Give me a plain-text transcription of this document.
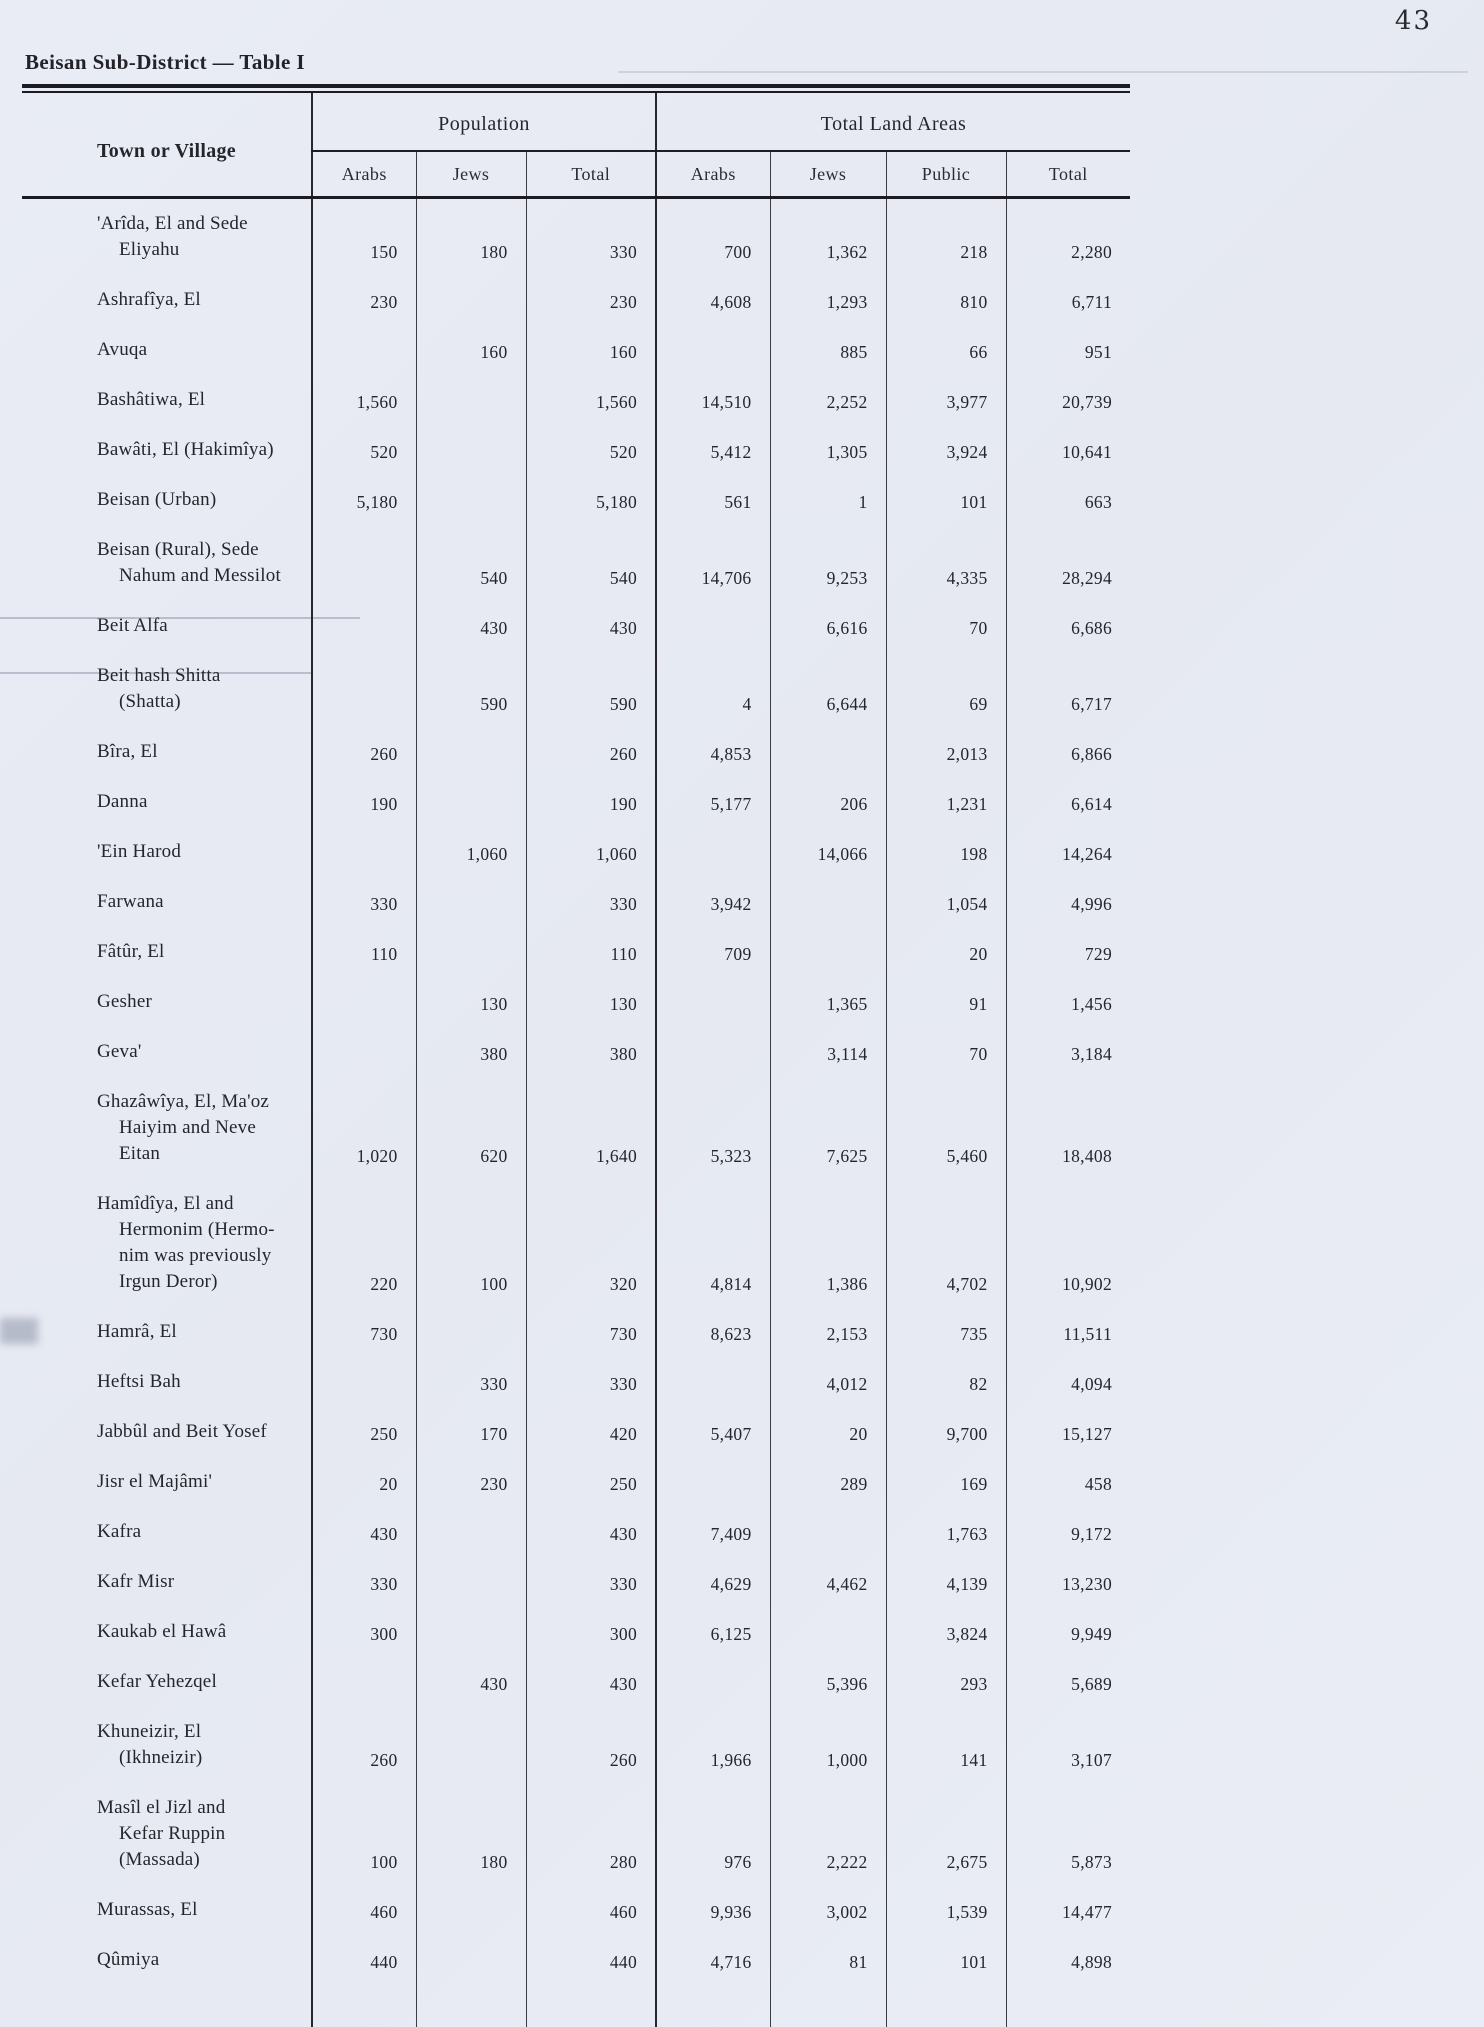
43
Beisan Sub-District — Table I
Town or Village	Population			Total Land Areas			
	Arabs	Jews	Total	Arabs	Jews	Public	Total

'Arîda, El and Sede
Eliyahu	150	180	330	700	1,362	218	2,280

Ashrafîya, El	230		230	4,608	1,293	810	6,711

Avuqa		160	160		885	66	951

Bashâtiwa, El	1,560		1,560	14,510	2,252	3,977	20,739

Bawâti, El (Hakimîya)	520		520	5,412	1,305	3,924	10,641

Beisan (Urban)	5,180		5,180	561	1	101	663

Beisan (Rural), Sede
Nahum and Messilot		540	540	14,706	9,253	4,335	28,294

Beit Alfa		430	430		6,616	70	6,686

Beit hash Shitta
(Shatta)		590	590	4	6,644	69	6,717

Bîra, El	260		260	4,853		2,013	6,866

Danna	190		190	5,177	206	1,231	6,614

'Ein Harod		1,060	1,060		14,066	198	14,264

Farwana	330		330	3,942		1,054	4,996

Fâtûr, El	110		110	709		20	729

Gesher		130	130		1,365	91	1,456

Geva'		380	380		3,114	70	3,184

Ghazâwîya, El, Ma'oz
Haiyim and Neve
Eitan	1,020	620	1,640	5,323	7,625	5,460	18,408

Hamîdîya, El and
Hermonim (Hermo-
nim was previously
Irgun Deror)	220	100	320	4,814	1,386	4,702	10,902

Hamrâ, El	730		730	8,623	2,153	735	11,511

Heftsi Bah		330	330		4,012	82	4,094

Jabbûl and Beit Yosef	250	170	420	5,407	20	9,700	15,127

Jisr el Majâmi'	20	230	250		289	169	458

Kafra	430		430	7,409		1,763	9,172

Kafr Misr	330		330	4,629	4,462	4,139	13,230

Kaukab el Hawâ	300		300	6,125		3,824	9,949

Kefar Yehezqel		430	430		5,396	293	5,689

Khuneizir, El
(Ikhneizir)	260		260	1,966	1,000	141	3,107

Masîl el Jizl and
Kefar Ruppin
(Massada)	100	180	280	976	2,222	2,675	5,873

Murassas, El	460		460	9,936	3,002	1,539	14,477

Qûmiya	440		440	4,716	81	101	4,898
